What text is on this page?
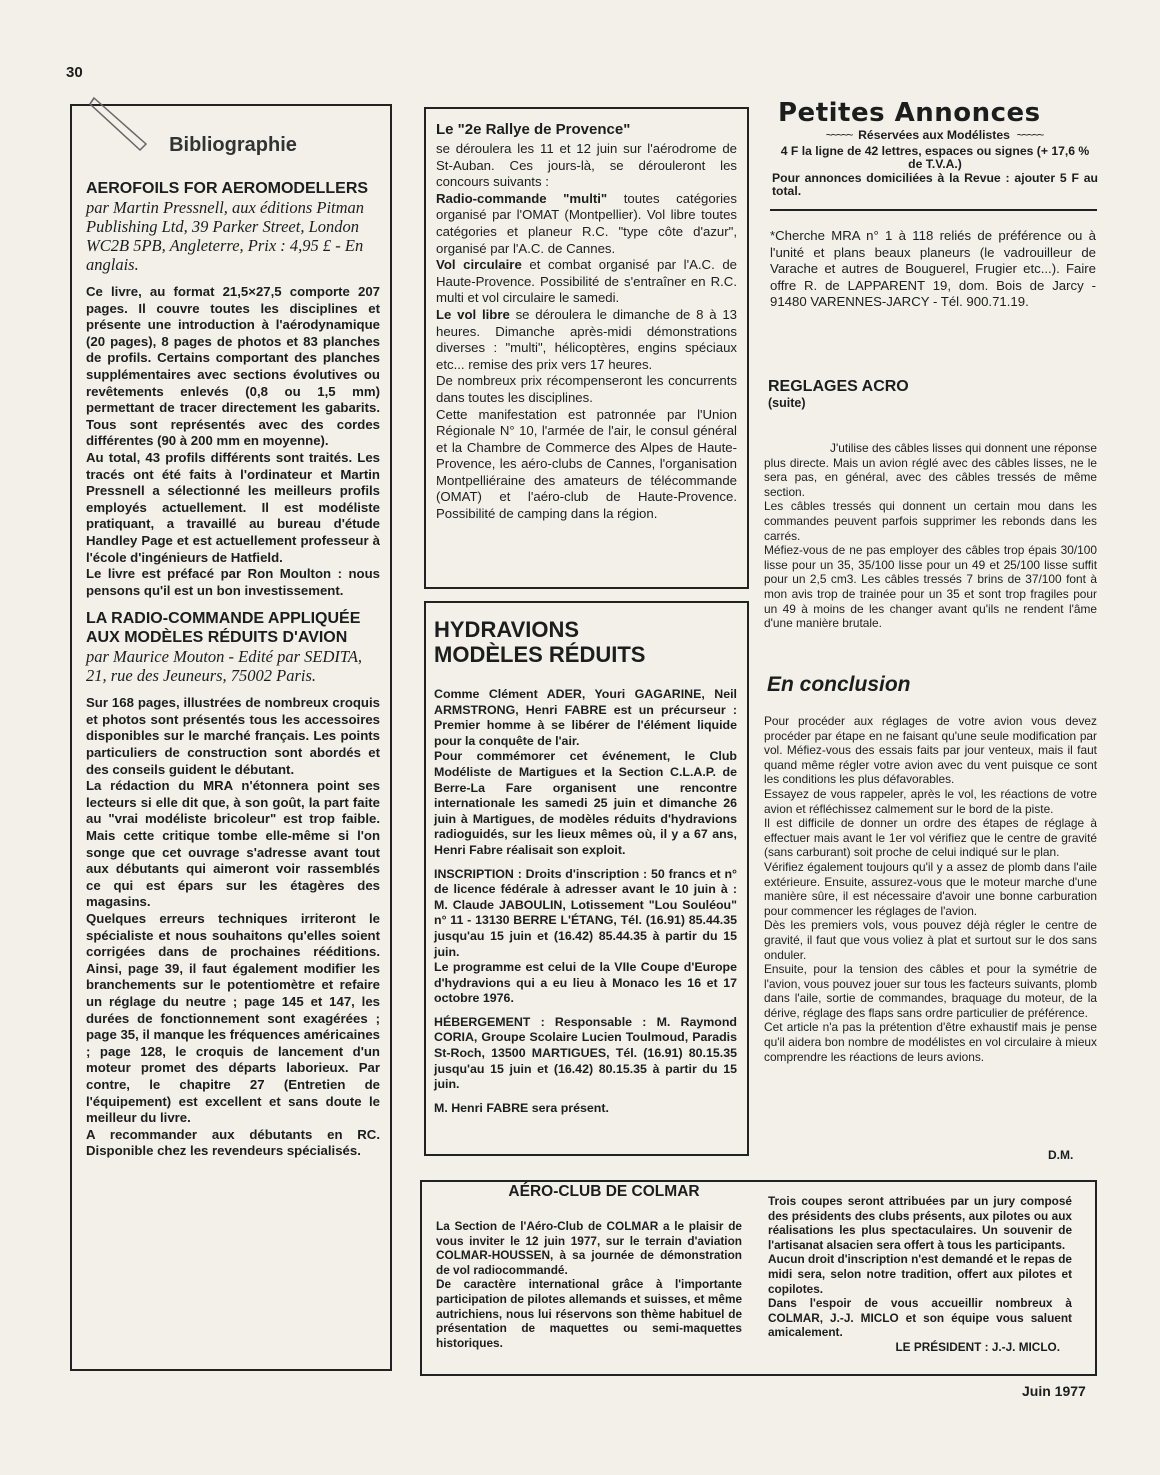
30

Bibliographie

AEROFOILS FOR AEROMODELLERS

par Martin Pressnell, aux éditions Pitman Publishing Ltd, 39 Parker Street, London WC2B 5PB, Angleterre, Prix : 4,95 £ - En anglais.

Ce livre, au format 21,5×27,5 comporte 207 pages. Il couvre toutes les disciplines et présente une introduction à l'aérodynamique (20 pages), 8 pages de photos et 83 planches de profils. Certains comportant des planches supplémentaires avec sections évolutives ou revêtements enlevés (0,8 ou 1,5 mm) permettant de tracer directement les gabarits. Tous sont représentés avec des cordes différentes (90 à 200 mm en moyenne).

Au total, 43 profils différents sont traités. Les tracés ont été faits à l'ordinateur et Martin Pressnell a sélectionné les meilleurs profils employés actuellement. Il est modéliste pratiquant, a travaillé au bureau d'étude Handley Page et est actuellement professeur à l'école d'ingénieurs de Hatfield.

Le livre est préfacé par Ron Moulton : nous pensons qu'il est un bon investissement.

LA RADIO-COMMANDE APPLIQUÉE AUX MODÈLES RÉDUITS D'AVION

par Maurice Mouton - Edité par SEDITA, 21, rue des Jeuneurs, 75002 Paris.

Sur 168 pages, illustrées de nombreux croquis et photos sont présentés tous les accessoires disponibles sur le marché français. Les points particuliers de construction sont abordés et des conseils guident le débutant.

La rédaction du MRA n'étonnera point ses lecteurs si elle dit que, à son goût, la part faite au "vrai modéliste bricoleur" est trop faible. Mais cette critique tombe elle-même si l'on songe que cet ouvrage s'adresse avant tout aux débutants qui aimeront voir rassemblés ce qui est épars sur les étagères des magasins.

Quelques erreurs techniques irriteront le spécialiste et nous souhaitons qu'elles soient corrigées dans de prochaines rééditions. Ainsi, page 39, il faut également modifier les branchements sur le potentiomètre et refaire un réglage du neutre ; page 145 et 147, les durées de fonctionnement sont exagérées ; page 35, il manque les fréquences américaines ; page 128, le croquis de lancement d'un moteur promet des départs laborieux. Par contre, le chapitre 27 (Entretien de l'équipement) est excellent et sans doute le meilleur du livre.

A recommander aux débutants en RC. Disponible chez les revendeurs spécialisés.

Le "2e Rallye de Provence"

se déroulera les 11 et 12 juin sur l'aérodrome de St-Auban. Ces jours-là, se dérouleront les concours suivants :

Radio-commande "multi" toutes catégories organisé par l'OMAT (Montpellier). Vol libre toutes catégories et planeur R.C. "type côte d'azur", organisé par l'A.C. de Cannes.

Vol circulaire et combat organisé par l'A.C. de Haute-Provence. Possibilité de s'entraîner en R.C. multi et vol circulaire le samedi.

Le vol libre se déroulera le dimanche de 8 à 13 heures. Dimanche après-midi démonstrations diverses : "multi", hélicoptères, engins spéciaux etc... remise des prix vers 17 heures.

De nombreux prix récompenseront les concurrents dans toutes les disciplines.

Cette manifestation est patronnée par l'Union Régionale N° 10, l'armée de l'air, le consul général et la Chambre de Commerce des Alpes de Haute-Provence, les aéro-clubs de Cannes, l'organisation Montpelliéraine des amateurs de télécommande (OMAT) et l'aéro-club de Haute-Provence. Possibilité de camping dans la région.

HYDRAVIONS
MODÈLES RÉDUITS

Comme Clément ADER, Youri GAGARINE, Neil ARMSTRONG, Henri FABRE est un précurseur : Premier homme à se libérer de l'élément liquide pour la conquête de l'air.

Pour commémorer cet événement, le Club Modéliste de Martigues et la Section C.L.A.P. de Berre-La Fare organisent une rencontre internationale les samedi 25 juin et dimanche 26 juin à Martigues, de modèles réduits d'hydravions radioguidés, sur les lieux mêmes où, il y a 67 ans, Henri Fabre réalisait son exploit.

INSCRIPTION : Droits d'inscription : 50 francs et n° de licence fédérale à adresser avant le 10 juin à : M. Claude JABOULIN, Lotissement "Lou Souléou" n° 11 - 13130 BERRE L'ÉTANG, Tél. (16.91) 85.44.35 jusqu'au 15 juin et (16.42) 85.44.35 à partir du 15 juin.

Le programme est celui de la VIIe Coupe d'Europe d'hydravions qui a eu lieu à Monaco les 16 et 17 octobre 1976.

HÉBERGEMENT : Responsable : M. Raymond CORIA, Groupe Scolaire Lucien Toulmoud, Paradis St-Roch, 13500 MARTIGUES, Tél. (16.91) 80.15.35 jusqu'au 15 juin et (16.42) 80.15.35 à partir du 15 juin.

M. Henri FABRE sera présent.

AÉRO-CLUB DE COLMAR

La Section de l'Aéro-Club de COLMAR a le plaisir de vous inviter le 12 juin 1977, sur le terrain d'aviation COLMAR-HOUSSEN, à sa journée de démonstration de vol radiocommandé.

De caractère international grâce à l'importante participation de pilotes allemands et suisses, et même autrichiens, nous lui réservons son thème habituel de présentation de maquettes ou semi-maquettes historiques.

Trois coupes seront attribuées par un jury composé des présidents des clubs présents, aux pilotes ou aux réalisations les plus spectaculaires. Un souvenir de l'artisanat alsacien sera offert à tous les participants.

Aucun droit d'inscription n'est demandé et le repas de midi sera, selon notre tradition, offert aux pilotes et copilotes.

Dans l'espoir de vous accueillir nombreux à COLMAR, J.-J. MICLO et son équipe vous saluent amicalement.

LE PRÉSIDENT : J.-J. MICLO.

Petites Annonces
~~~~~ Réservées aux Modélistes ~~~~~

4 F la ligne de 42 lettres, espaces ou signes (+ 17,6 % de T.V.A.)

Pour annonces domiciliées à la Revue : ajouter 5 F au total.

*Cherche MRA n° 1 à 118 reliés de préférence ou à l'unité et plans beaux planeurs (le vadrouilleur de Varache et autres de Bouguerel, Frugier etc...). Faire offre R. de LAPPARENT 19, dom. Bois de Jarcy - 91480 VARENNES-JARCY - Tél. 900.71.19.
REGLAGES ACRO
(suite)

J'utilise des câbles lisses qui donnent une réponse plus directe. Mais un avion réglé avec des câbles lisses, ne le sera pas, en général, avec des câbles tressés de même section.

Les câbles tressés qui donnent un certain mou dans les commandes peuvent parfois supprimer les rebonds dans les carrés.

Méfiez-vous de ne pas employer des câbles trop épais 30/100 lisse pour un 35, 35/100 lisse pour un 49 et 25/100 lisse suffit pour un 2,5 cm3. Les câbles tressés 7 brins de 37/100 font à mon avis trop de trainée pour un 35 et sont trop fragiles pour un 49 à moins de les changer avant qu'ils ne rendent l'âme d'une manière brutale.

En conclusion

Pour procéder aux réglages de votre avion vous devez procéder par étape en ne faisant qu'une seule modification par vol. Méfiez-vous des essais faits par jour venteux, mais il faut quand même régler votre avion avec du vent puisque ce sont les conditions les plus défavorables.

Essayez de vous rappeler, après le vol, les réactions de votre avion et réfléchissez calmement sur le bord de la piste.

Il est difficile de donner un ordre des étapes de réglage à effectuer mais avant le 1er vol vérifiez que le centre de gravité (sans carburant) soit proche de celui indiqué sur le plan.

Vérifiez également toujours qu'il y a assez de plomb dans l'aile extérieure. Ensuite, assurez-vous que le moteur marche d'une manière sûre, il est nécessaire d'avoir une bonne carburation pour commencer les réglages de l'avion.

Dès les premiers vols, vous pouvez déjà régler le centre de gravité, il faut que vous voliez à plat et surtout sur le dos sans onduler.

Ensuite, pour la tension des câbles et pour la symétrie de l'avion, vous pouvez jouer sur tous les facteurs suivants, plomb dans l'aile, sortie de commandes, braquage du moteur, de la dérive, réglage des flaps sans ordre particulier de préférence.

Cet article n'a pas la prétention d'être exhaustif mais je pense qu'il aidera bon nombre de modélistes en vol circulaire à mieux comprendre les réactions de leurs avions.

D.M.
Juin 1977
